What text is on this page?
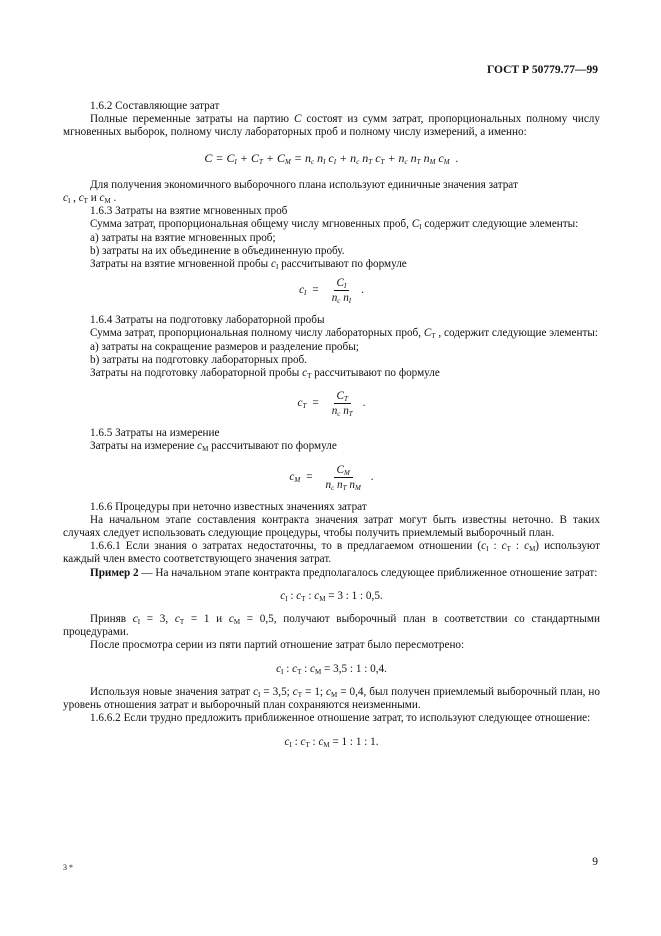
ГОСТ Р 50779.77—99

1.6.2 Составляющие затрат

Полные переменные затраты на партию C состоят из сумм затрат, пропорциональных полному числу мгновенных выборок, полному числу лабораторных проб и полному числу измерений, а именно:

$C = C_I + C_T + C_M = n_c$ $n_I$ $c_I + n_c$ $n_T$ $c_T + n_c$ $n_T$ $n_M$ $c_M$  .

Для получения экономичного выборочного плана используют единичные значения затрат

$c_I$ , $c_T$ и $c_M$ .

1.6.3 Затраты на взятие мгновенных проб

Сумма затрат, пропорциональная общему числу мгновенных проб, $C_I$ содержит следующие элементы:

a) затраты на взятие мгновенных проб;

b) затраты на их объединение в объединенную пробу.

Затраты на взятие мгновенной пробы $c_I$ рассчитывают по формуле

$c_I = \frac{C_I}{n_c n_I}$ .

1.6.4 Затраты на подготовку лабораторной пробы

Сумма затрат, пропорциональная полному числу лабораторных проб, $C_T$ , содержит следующие элементы:

a) затраты на сокращение размеров и разделение пробы;

b) затраты на подготовку лабораторных проб.

Затраты на подготовку лабораторной пробы $c_T$ рассчитывают по формуле

$c_T = \frac{C_T}{n_c n_T}$ .

1.6.5 Затраты на измерение

Затраты на измерение $c_M$ рассчитывают по формуле

$c_M = \frac{C_M}{n_c n_T n_M}$ .

1.6.6 Процедуры при неточно известных значениях затрат

На начальном этапе составления контракта значения затрат могут быть известны неточно. В таких случаях следует использовать следующие процедуры, чтобы получить приемлемый выборочный план.

1.6.6.1 Если знания о затратах недостаточны, то в предлагаемом отношении ($c_I$ : $c_T$ : $c_M$) используют каждый член вместо соответствующего значения затрат.

Пример 2 — На начальном этапе контракта предполагалось следующее приближенное отношение затрат:

$c_I$ : $c_T$ : $c_M = 3$ : 1 : 0,5.

Приняв $c_I = 3$, $c_T = 1$ и $c_M = 0,5$, получают выборочный план в соответствии со стандартными процедурами.

После просмотра серии из пяти партий отношение затрат было пересмотрено:

$c_I$ : $c_T$ : $c_M = 3,5$ : 1 : 0,4.

Используя новые значения затрат $c_I = 3,5$; $c_T = 1$; $c_M = 0,4$, был получен приемлемый выборочный план, но уровень отношения затрат и выборочный план сохраняются неизменными.

1.6.6.2 Если трудно предложить приближенное отношение затрат, то используют следующее отношение:

$c_I$ : $c_T$ : $c_M = 1$ : 1 : 1.

3 *	9
